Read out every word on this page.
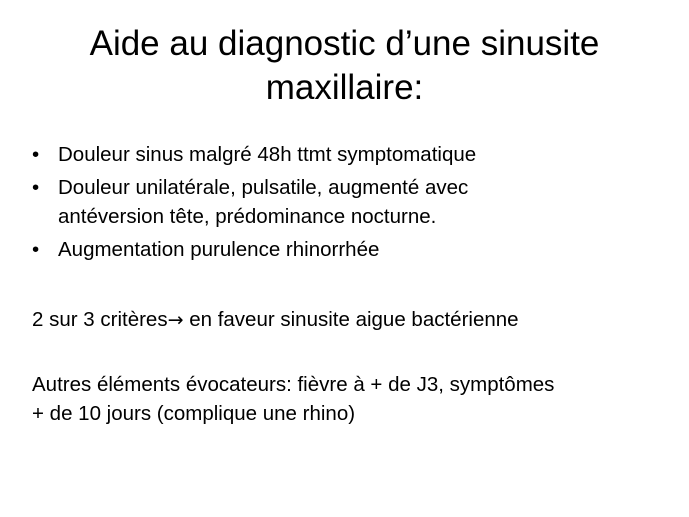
Aide au diagnostic d’une sinusite
maxillaire:
• Douleur sinus malgré 48h ttmt symptomatique
• Douleur unilatérale, pulsatile, augmenté avec
antéversion tête, prédominance nocturne.
• Augmentation purulence rhinorrhée

2 sur 3 critères→ en faveur sinusite aigue bactérienne

Autres éléments évocateurs: fièvre à + de J3, symptômes
+ de 10 jours (complique une rhino)
